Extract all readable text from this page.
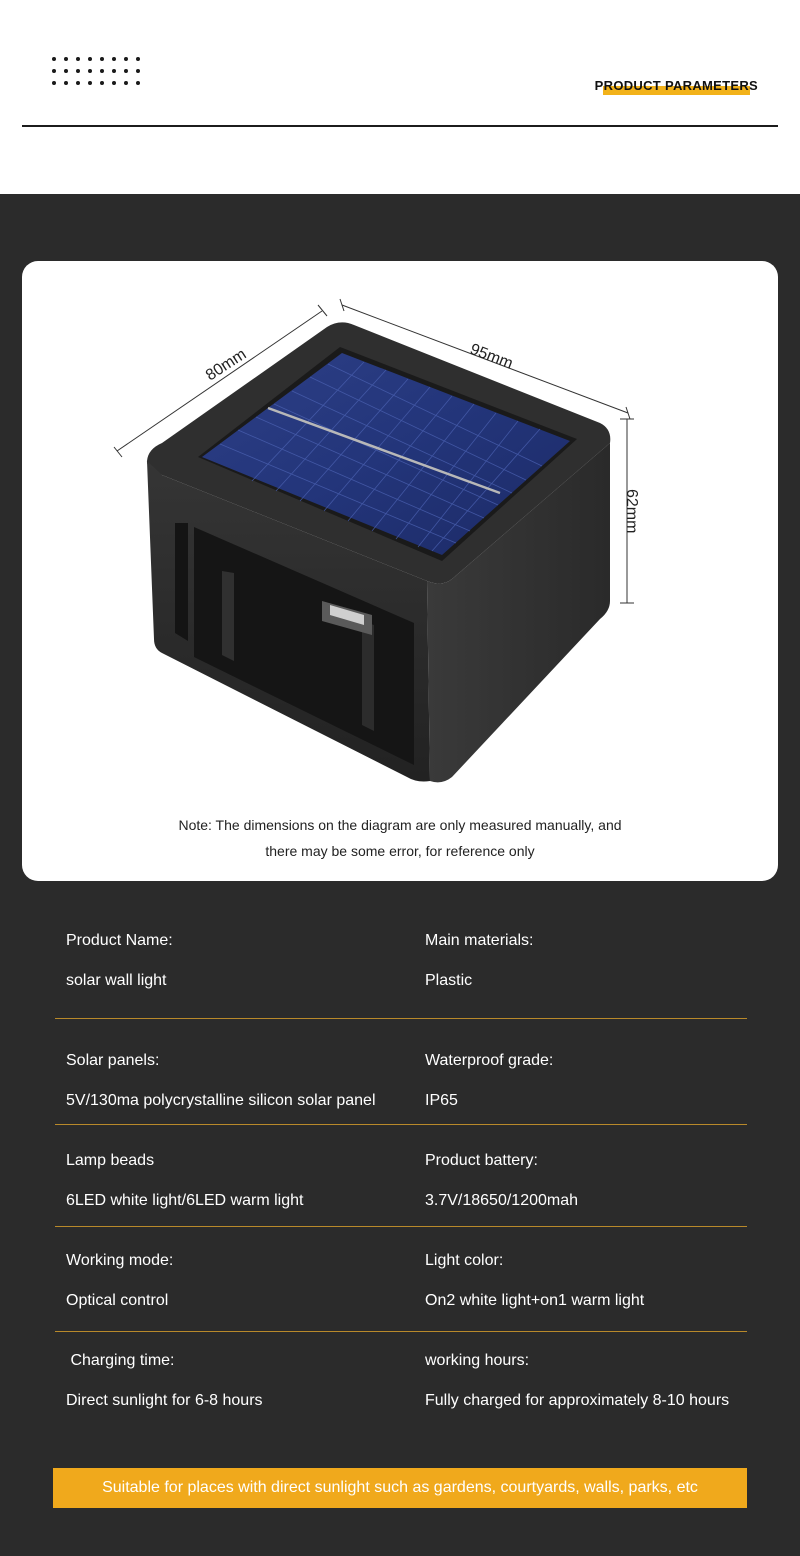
PRODUCT PARAMETERS
80mm	95mm
62mm
Note: The dimensions on the diagram are only measured manually, and
there may be some error, for reference only
Product Name:
solar wall light
Main materials:
Plastic
Solar panels:
5V/130ma polycrystalline silicon solar panel
Waterproof grade:
IP65
Lamp beads
6LED white light/6LED warm light
Product battery:
3.7V/18650/1200mah
Working mode:
Optical control
Light color:
On2 white light+on1 warm light
Charging time:
Direct sunlight for 6-8 hours
working hours:
Fully charged for approximately 8-10 hours
Suitable for places with direct sunlight such as gardens, courtyards, walls, parks, etc
